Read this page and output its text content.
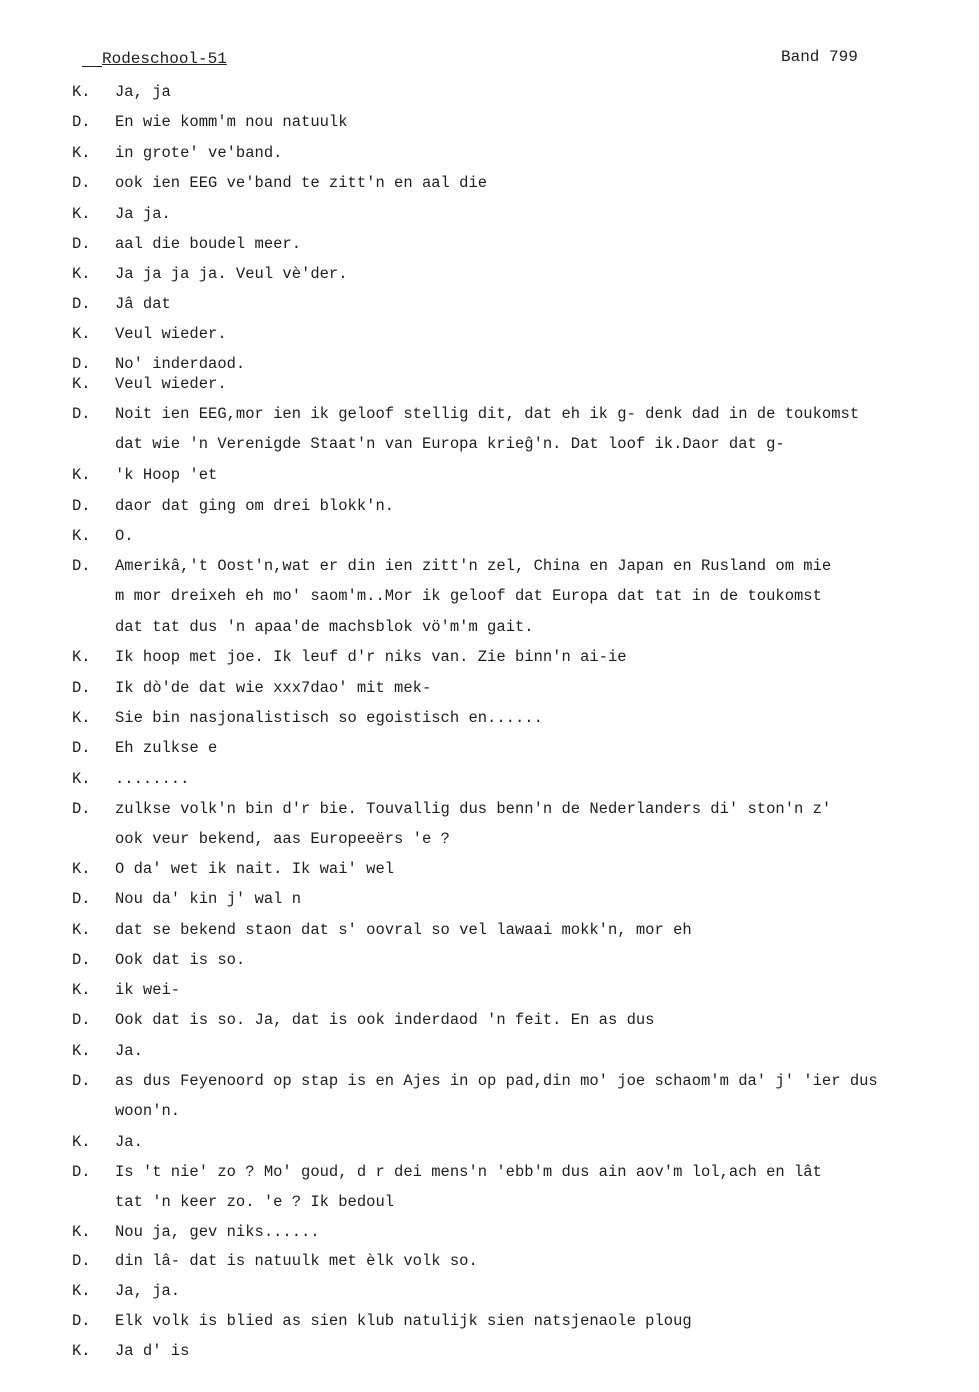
Rodeschool-51	Band 799
K. Ja, ja
D. En wie komm'm nou natuulk
K. in grote' ve'band.
D. ook ien EEG ve'band te zitt'n en aal die
K. Ja ja.
D. aal die boudel meer.
K. Ja ja ja ja. Veul vè'der.
D. Jâ dat
K. Veul wieder.
D. No' inderdaod.
K. Veul wieder.
D. Noit ien EEG,mor ien ik geloof stellig dit, dat eh ik g- denk dad in de toukomst
dat wie 'n Verenigde Staat'n van Europa krieĝ'n. Dat loof ik.Daor dat g-
K. 'k Hoop 'et
D. daor dat ging om drei blokk'n.
K. O.
D. Amerikâ,'t Oost'n,wat er din ien zitt'n zel, China en Japan en Rusland om mie
m mor dreixeh eh mo' saom'm..Mor ik geloof dat Europa dat tat in de toukomst
dat tat dus 'n apaa'de machsblok vö'm'm gait.
K. Ik hoop met joe. Ik leuf d'r niks van. Zie binn'n ai-ie
D. Ik dò'de dat wie xxx7dao' mit mek-
K. Sie bin nasjonalistisch so egoistisch en......
D. Eh zulkse e
K. ........
D. zulkse volk'n bin d'r bie. Touvallig dus benn'n de Nederlanders di' ston'n z'
ook veur bekend, aas Europeeërs 'e ?
K. O da' wet ik nait. Ik wai' wel
D. Nou da' kin j' wal n
K. dat se bekend staon dat s' oovral so vel lawaai mokk'n, mor eh
D. Ook dat is so.
K. ik wei-
D. Ook dat is so. Ja, dat is ook inderdaod 'n feit. En as dus
K. Ja.
D. as dus Feyenoord op stap is en Ajes in op pad,din mo' joe schaom'm da' j' 'ier dus
woon'n.
K. Ja.
D. Is 't nie' zo ? Mo' goud, d r dei mens'n 'ebb'm dus ain aov'm lol,ach en lât
tat 'n keer zo. 'e ? Ik bedoul
K. Nou ja, gev niks......
D. din lâ- dat is natuulk met èlk volk so.
K. Ja, ja.
D. Elk volk is blied as sien klub natulijk sien natsjenaole ploug
K. Ja d' is
